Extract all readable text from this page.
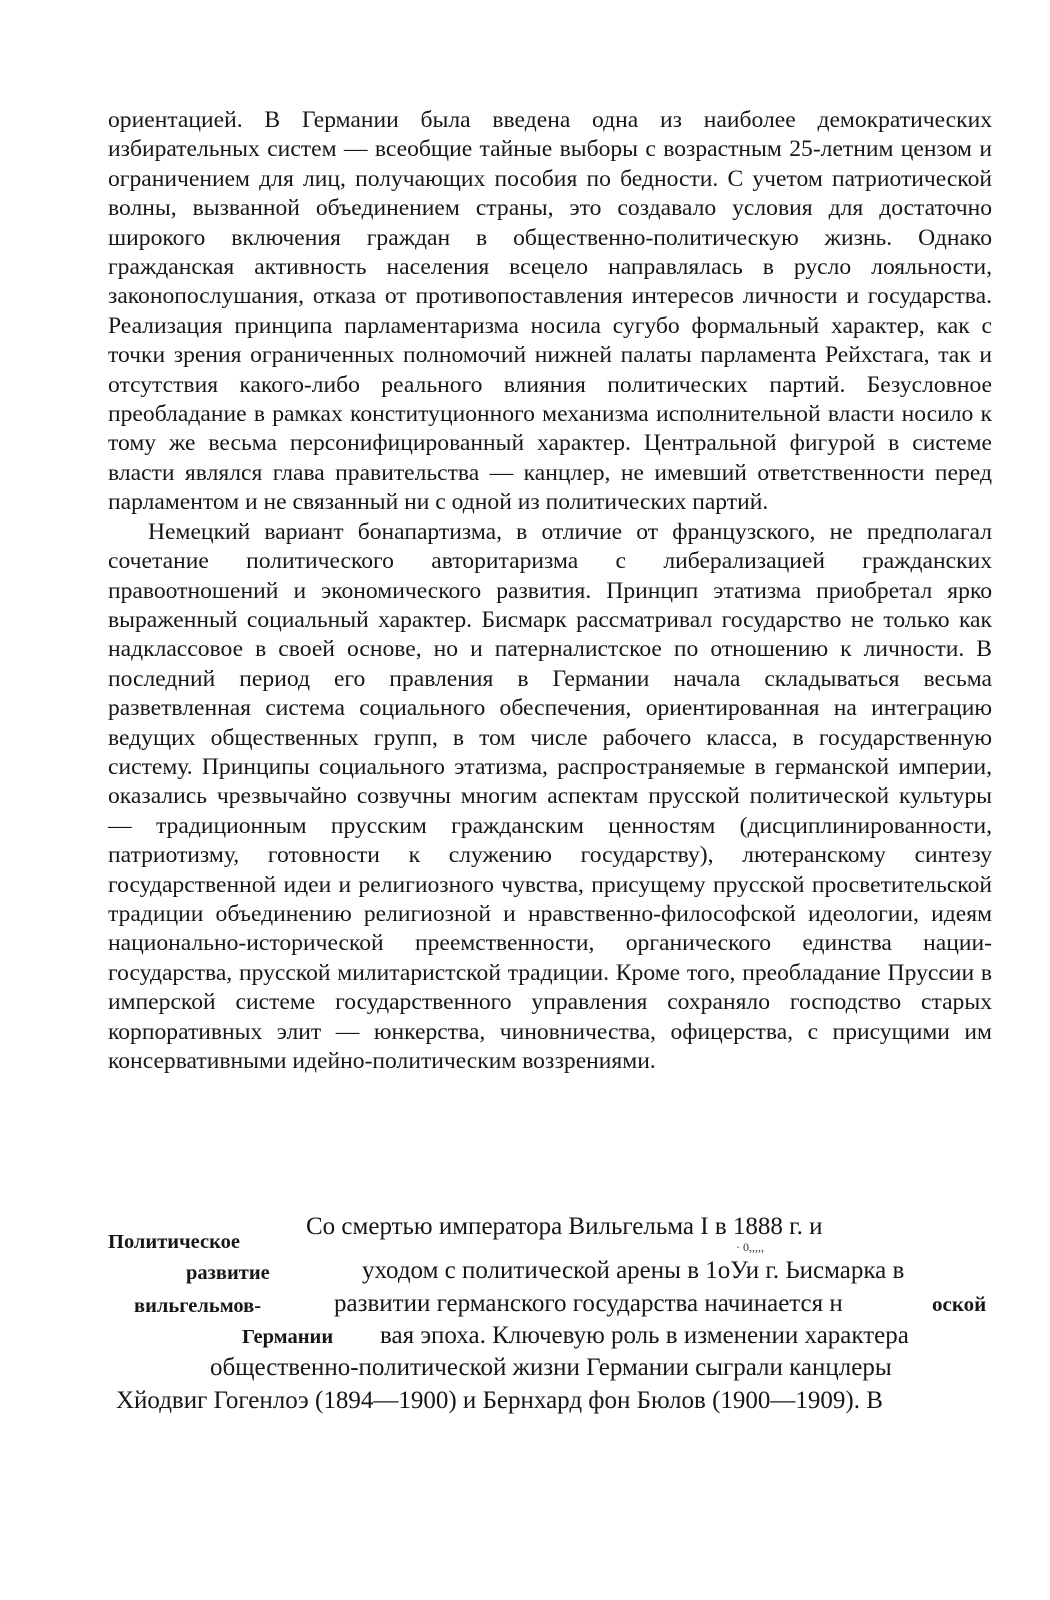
ориентацией. В Германии была введена одна из наиболее демократических избирательных систем — всеобщие тайные выборы с возрастным 25-летним цензом и ограничением для лиц, получающих пособия по бедности. С учетом патриотической волны, вызванной объединением страны, это создавало условия для достаточно широкого включения граждан в общественно-политическую жизнь. Однако гражданская активность населения всецело направлялась в русло лояльности, законопослушания, отказа от противопоставления интересов личности и государства. Реализация принципа парламентаризма носила сугубо формальный характер, как с точки зрения ограниченных полномочий нижней палаты парламента Рейхстага, так и отсутствия какого-либо реального влияния политических партий. Безусловное преобладание в рамках конституционного механизма исполнительной власти носило к тому же весьма персонифицированный характер. Центральной фигурой в системе власти являлся глава правительства — канцлер, не имевший ответственности перед парламентом и не связанный ни с одной из политических партий.

Немецкий вариант бонапартизма, в отличие от французского, не предполагал сочетание политического авторитаризма с либерализацией гражданских правоотношений и экономического развития. Принцип этатизма приобретал ярко выраженный социальный характер. Бисмарк рассматривал государство не только как надклассовое в своей основе, но и патерналистское по отношению к личности. В последний период его правления в Германии начала складываться весьма разветвленная система социального обеспечения, ориентированная на интеграцию ведущих общественных групп, в том числе рабочего класса, в государственную систему. Принципы социального этатизма, распространяемые в германской империи, оказались чрезвычайно созвучны многим аспектам прусской политической культуры — традиционным прусским гражданским ценностям (дисциплинированности, патриотизму, готовности к служению государству), лютеранскому синтезу государственной идеи и религиозного чувства, присущему прусской просветительской традиции объединению религиозной и нравственно-философской идеологии, идеям национально-исторической преемственности, органического единства нации-государства, прусской милитаристской традиции. Кроме того, преобладание Пруссии в имперской системе государственного управления сохраняло господство старых корпоративных элит — юнкерства, чиновничества, офицерства, с присущими им консервативными идейно-политическим воззрениями.

Политическое
развитие
вильгельмов-
Германии
Со смертью императора Вильгельма I в 1888 г. и
· 0,,,,,
уходом с политической арены в 1оУи г. Ьисмарка в
развитии германского государства начинается н	оской
вая эпоха. Ключевую роль в изменении характера
общественно-политической жизни Германии сыграли канцлеры
Хйодвиг Гогенлоэ (1894—1900) и Бернхард фон Бюлов (1900—1909). В
